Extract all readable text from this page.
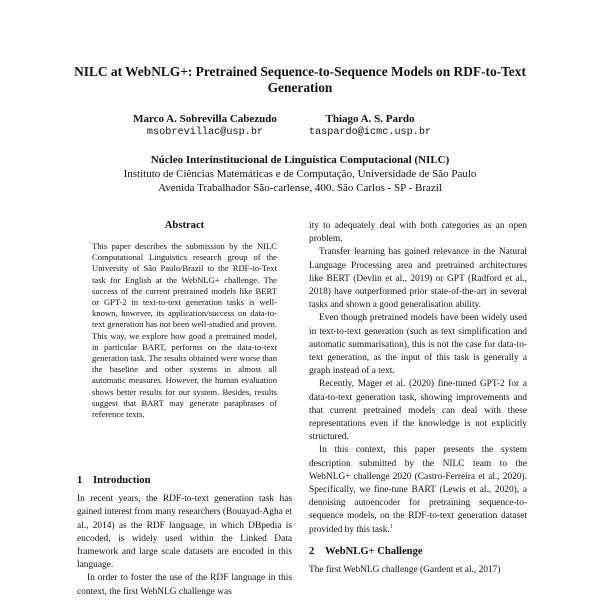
NILC at WebNLG+: Pretrained Sequence-to-Sequence Models on RDF-to-Text Generation
Marco A. Sobrevilla Cabezudo
msobrevillac@usp.br
Thiago A. S. Pardo
taspardo@icmc.usp.br
Núcleo Interinstitucional de Linguística Computacional (NILC)
Instituto de Ciências Matemáticas e de Computação, Universidade de São Paulo
Avenida Trabalhador São-carlense, 400. São Carlos - SP - Brazil
Abstract
This paper describes the submission by the NILC Computational Linguistics research group of the University of São Paulo/Brazil to the RDF-to-Text task for English at the WebNLG+ challenge. The success of the current pretrained models like BERT or GPT-2 in text-to-text generation tasks is well-known, however, its application/success on data-to-text generation has not been well-studied and proven. This way, we explore how good a pretrained model, in particular BART, performs on the data-to-text generation task. The results obtained were worse than the baseline and other systems in almost all automatic measures. However, the human evaluation shows better results for our system. Besides, results suggest that BART may generate paraphrases of reference texts.
1 Introduction

In recent years, the RDF-to-text generation task has gained interest from many researchers (Bouayad-Agha et al., 2014) as the RDF language, in which DBpedia is encoded, is widely used within the Linked Data framework and large scale datasets are encoded in this language.

In order to foster the use of the RDF language in this context, the first WebNLG challenge was

ity to adequately deal with both categories as an open problem.

Transfer learning has gained relevance in the Natural Language Processing area and pretrained architectures like BERT (Devlin et al., 2019) or GPT (Radford et al., 2018) have outperformed prior state-of-the-art in several tasks and shown a good generalisation ability.

Even though pretrained models have been widely used in text-to-text generation (such as text simplification and automatic summarisation), this is not the case for data-to-text generation, as the input of this task is generally a graph instead of a text.

Recently, Mager et al. (2020) fine-tuned GPT-2 for a data-to-text generation task, showing improvements and that current pretrained models can deal with these representations even if the knowledge is not explicitly structured.

In this context, this paper presents the system description submitted by the NILC team to the WebNLG+ challenge 2020 (Castro-Ferreira et al., 2020). Specifically, we fine-tune BART (Lewis et al., 2020), a denoising autoencoder for pretraining sequence-to-sequence models, on the RDF-to-text generation dataset provided by this task.$^1$

2 WebNLG+ Challenge

The first WebNLG challenge (Gardent et al., 2017)
